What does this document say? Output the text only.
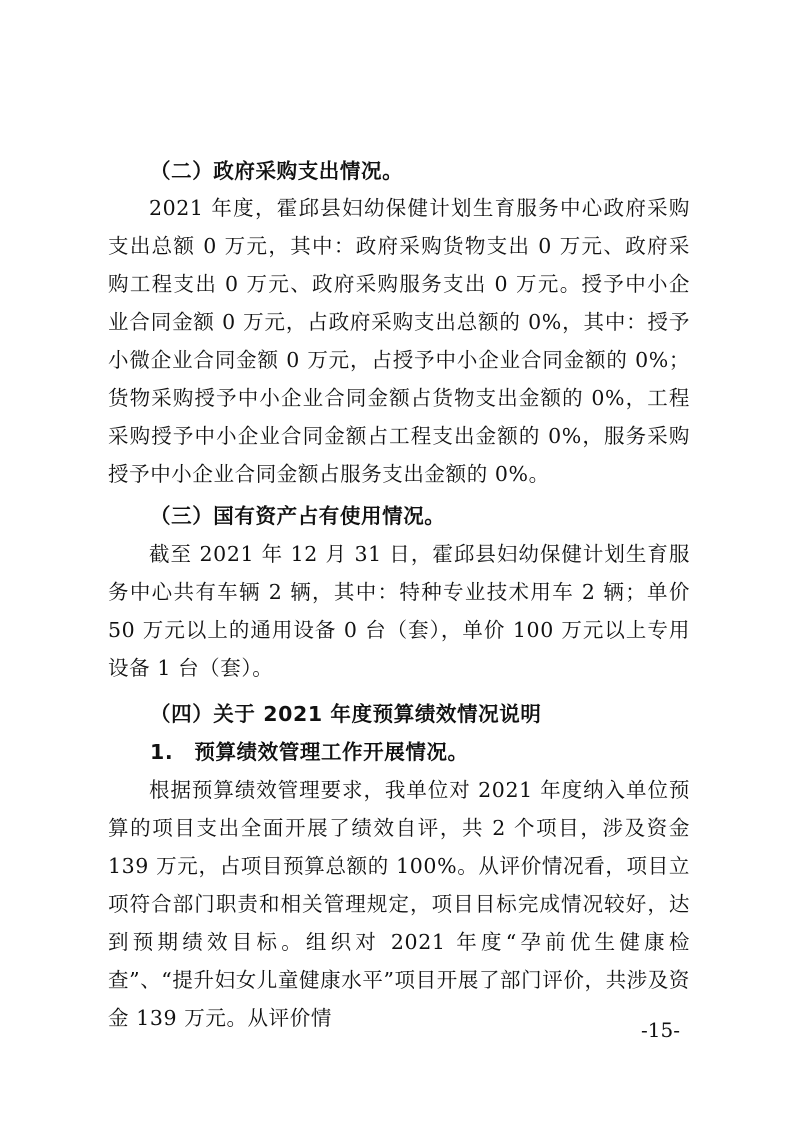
（二）政府采购支出情况。

2021 年度，霍邱县妇幼保健计划生育服务中心政府采购支出总额 0 万元，其中：政府采购货物支出 0 万元、政府采购工程支出 0 万元、政府采购服务支出 0 万元。授予中小企业合同金额 0 万元，占政府采购支出总额的 0%，其中：授予小微企业合同金额 0 万元，占授予中小企业合同金额的 0%；货物采购授予中小企业合同金额占货物支出金额的 0%，工程采购授予中小企业合同金额占工程支出金额的 0%，服务采购授予中小企业合同金额占服务支出金额的 0%。

（三）国有资产占有使用情况。

截至 2021 年 12 月 31 日，霍邱县妇幼保健计划生育服务中心共有车辆 2 辆，其中：特种专业技术用车 2 辆；单价 50 万元以上的通用设备 0 台（套），单价 100 万元以上专用设备 1 台（套）。

（四）关于 2021 年度预算绩效情况说明
1.　预算绩效管理工作开展情况。

根据预算绩效管理要求，我单位对 2021 年度纳入单位预算的项目支出全面开展了绩效自评，共 2 个项目，涉及资金 139 万元，占项目预算总额的 100%。从评价情况看，项目立项符合部门职责和相关管理规定，项目目标完成情况较好，达到预期绩效目标。组织对 2021 年度“孕前优生健康检查”、“提升妇女儿童健康水平”项目开展了部门评价，共涉及资金 139 万元。从评价情	-15-
